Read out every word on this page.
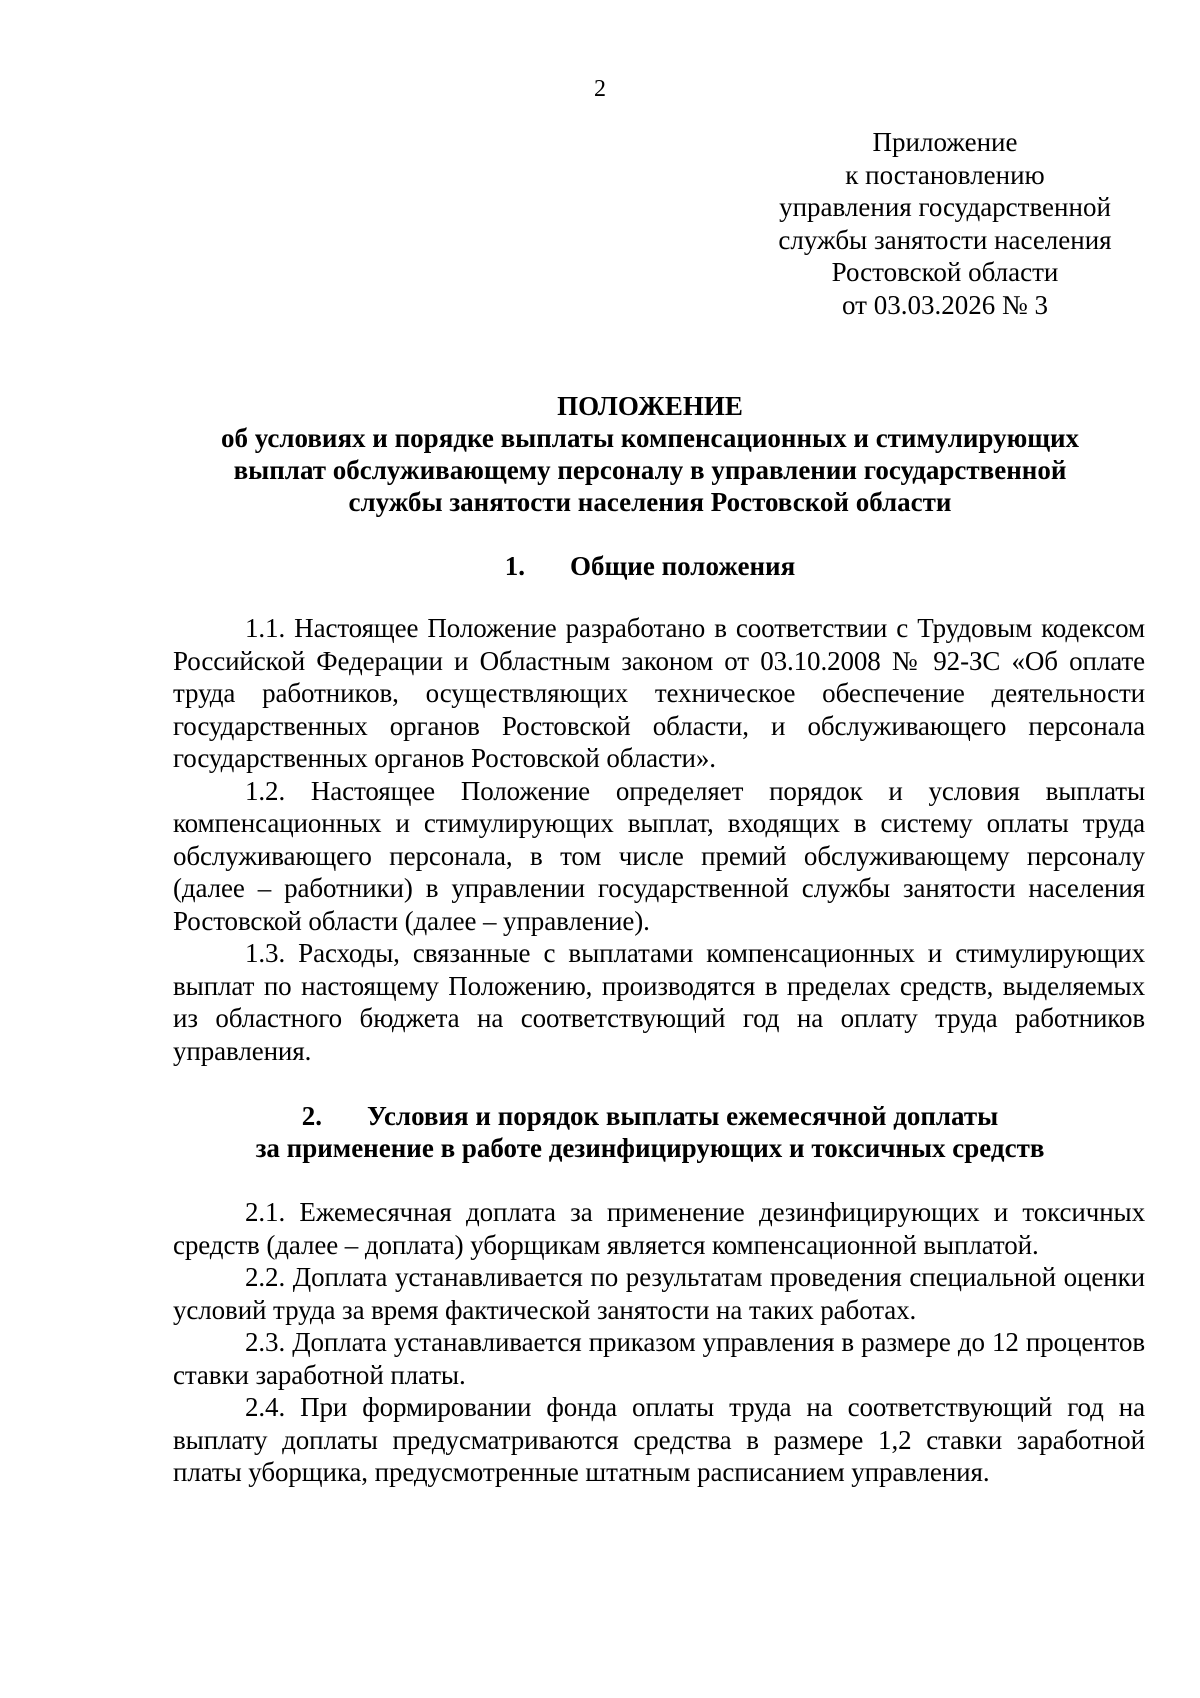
2
Приложение
к постановлению
управления государственной
службы занятости населения
Ростовской области
от 03.03.2026 № 3
ПОЛОЖЕНИЕ
об условиях и порядке выплаты компенсационных и стимулирующих
выплат обслуживающему персоналу в управлении государственной
службы занятости населения Ростовской области
1. Общие положения

1.1. Настоящее Положение разработано в соответствии с Трудовым кодексом Российской Федерации и Областным законом от 03.10.2008 № 92-ЗС «Об оплате труда работников, осуществляющих техническое обеспечение деятельности государственных органов Ростовской области, и обслуживающего персонала государственных органов Ростовской области».

1.2. Настоящее Положение определяет порядок и условия выплаты компенсационных и стимулирующих выплат, входящих в систему оплаты труда обслуживающего персонала, в том числе премий обслуживающему персоналу (далее – работники) в управлении государственной службы занятости населения Ростовской области (далее – управление).

1.3. Расходы, связанные с выплатами компенсационных и стимулирующих выплат по настоящему Положению, производятся в пределах средств, выделяемых из областного бюджета на соответствующий год на оплату труда работников управления.

2. Условия и порядок выплаты ежемесячной доплаты
за применение в работе дезинфицирующих и токсичных средств

2.1. Ежемесячная доплата за применение дезинфицирующих и токсичных средств (далее – доплата) уборщикам является компенсационной выплатой.

2.2. Доплата устанавливается по результатам проведения специальной оценки условий труда за время фактической занятости на таких работах.

2.3. Доплата устанавливается приказом управления в размере до 12 процентов ставки заработной платы.

2.4. При формировании фонда оплаты труда на соответствующий год на выплату доплаты предусматриваются средства в размере 1,2 ставки заработной платы уборщика, предусмотренные штатным расписанием управления.
